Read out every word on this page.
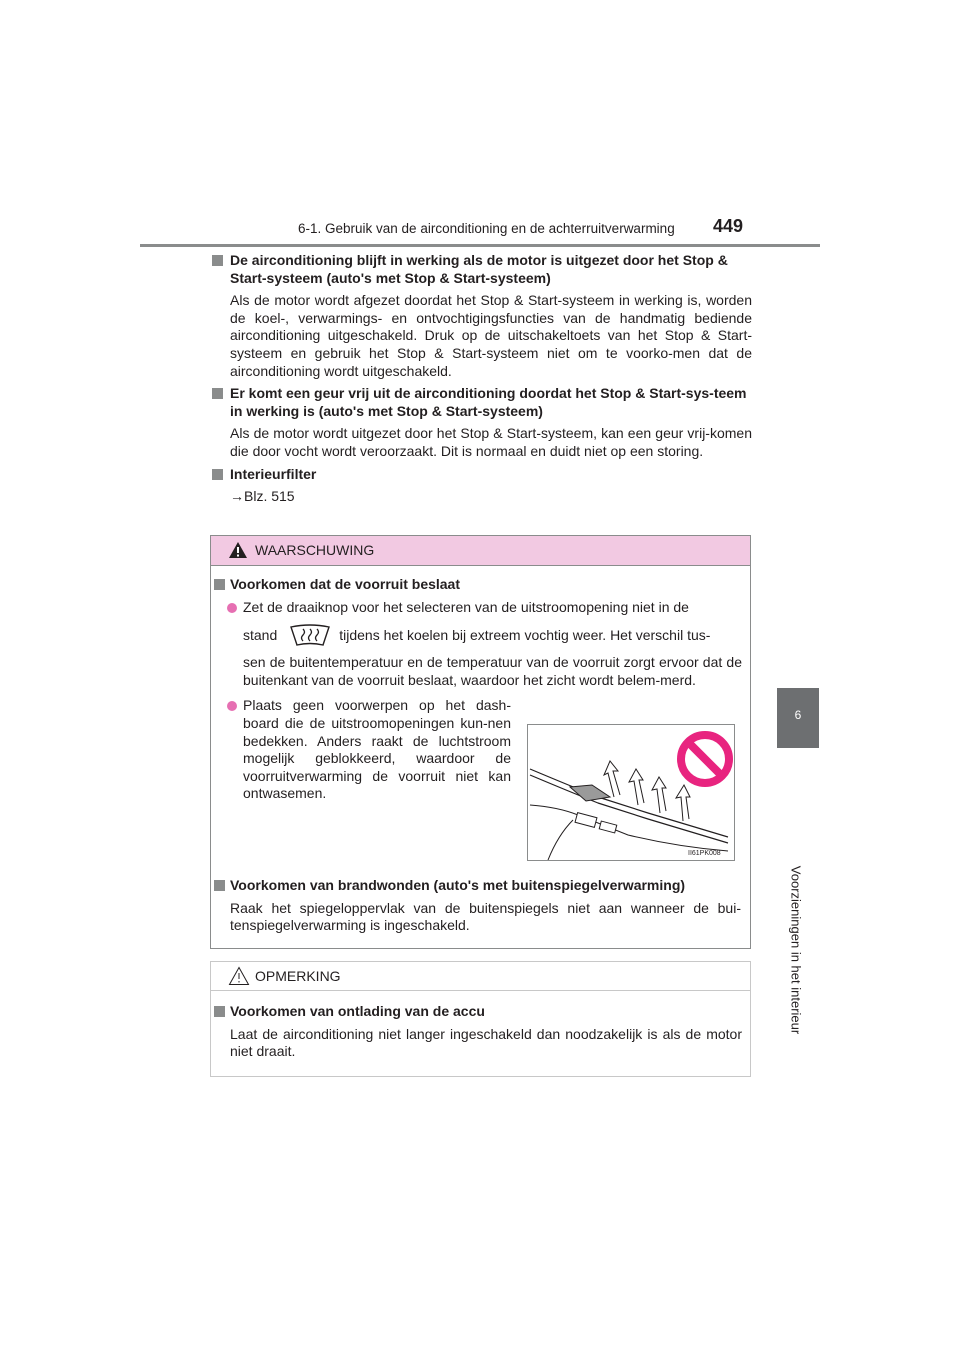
6-1. Gebruik van de airconditioning en de achterruitverwarming 449
6
Voorzieningen in het interieur
De airconditioning blijft in werking als de motor is uitgezet door het Stop & Start-systeem (auto's met Stop & Start-systeem)
Als de motor wordt afgezet doordat het Stop & Start-systeem in werking is, worden de koel-, verwarmings- en ontvochtigingsfuncties van de handmatig bediende airconditioning uitgeschakeld. Druk op de uitschakeltoets van het Stop & Start-systeem en gebruik het Stop & Start-systeem niet om te voorko-men dat de airconditioning wordt uitgeschakeld.
Er komt een geur vrij uit de airconditioning doordat het Stop & Start-sys-teem in werking is (auto's met Stop & Start-systeem)
Als de motor wordt uitgezet door het Stop & Start-systeem, kan een geur vrij-komen die door vocht wordt veroorzaakt. Dit is normaal en duidt niet op een storing.
Interieurfilter
→Blz. 515
WAARSCHUWING
Voorkomen dat de voorruit beslaat
Zet de draaiknop voor het selecteren van de uitstroomopening niet in de
stand	tijdens het koelen bij extreem vochtig weer. Het verschil tus-
sen de buitentemperatuur en de temperatuur van de voorruit zorgt ervoor dat de buitenkant van de voorruit beslaat, waardoor het zicht wordt belem-merd.
Plaats geen voorwerpen op het dash-board die de uitstroomopeningen kun-nen bedekken. Anders raakt de luchtstroom mogelijk geblokkeerd, waardoor de voorruitverwarming de voorruit niet kan ontwasemen.
II61PK008
Voorkomen van brandwonden (auto's met buitenspiegelverwarming)
Raak het spiegeloppervlak van de buitenspiegels niet aan wanneer de bui-tenspiegelverwarming is ingeschakeld.
OPMERKING
Voorkomen van ontlading van de accu
Laat de airconditioning niet langer ingeschakeld dan noodzakelijk is als de motor niet draait.
